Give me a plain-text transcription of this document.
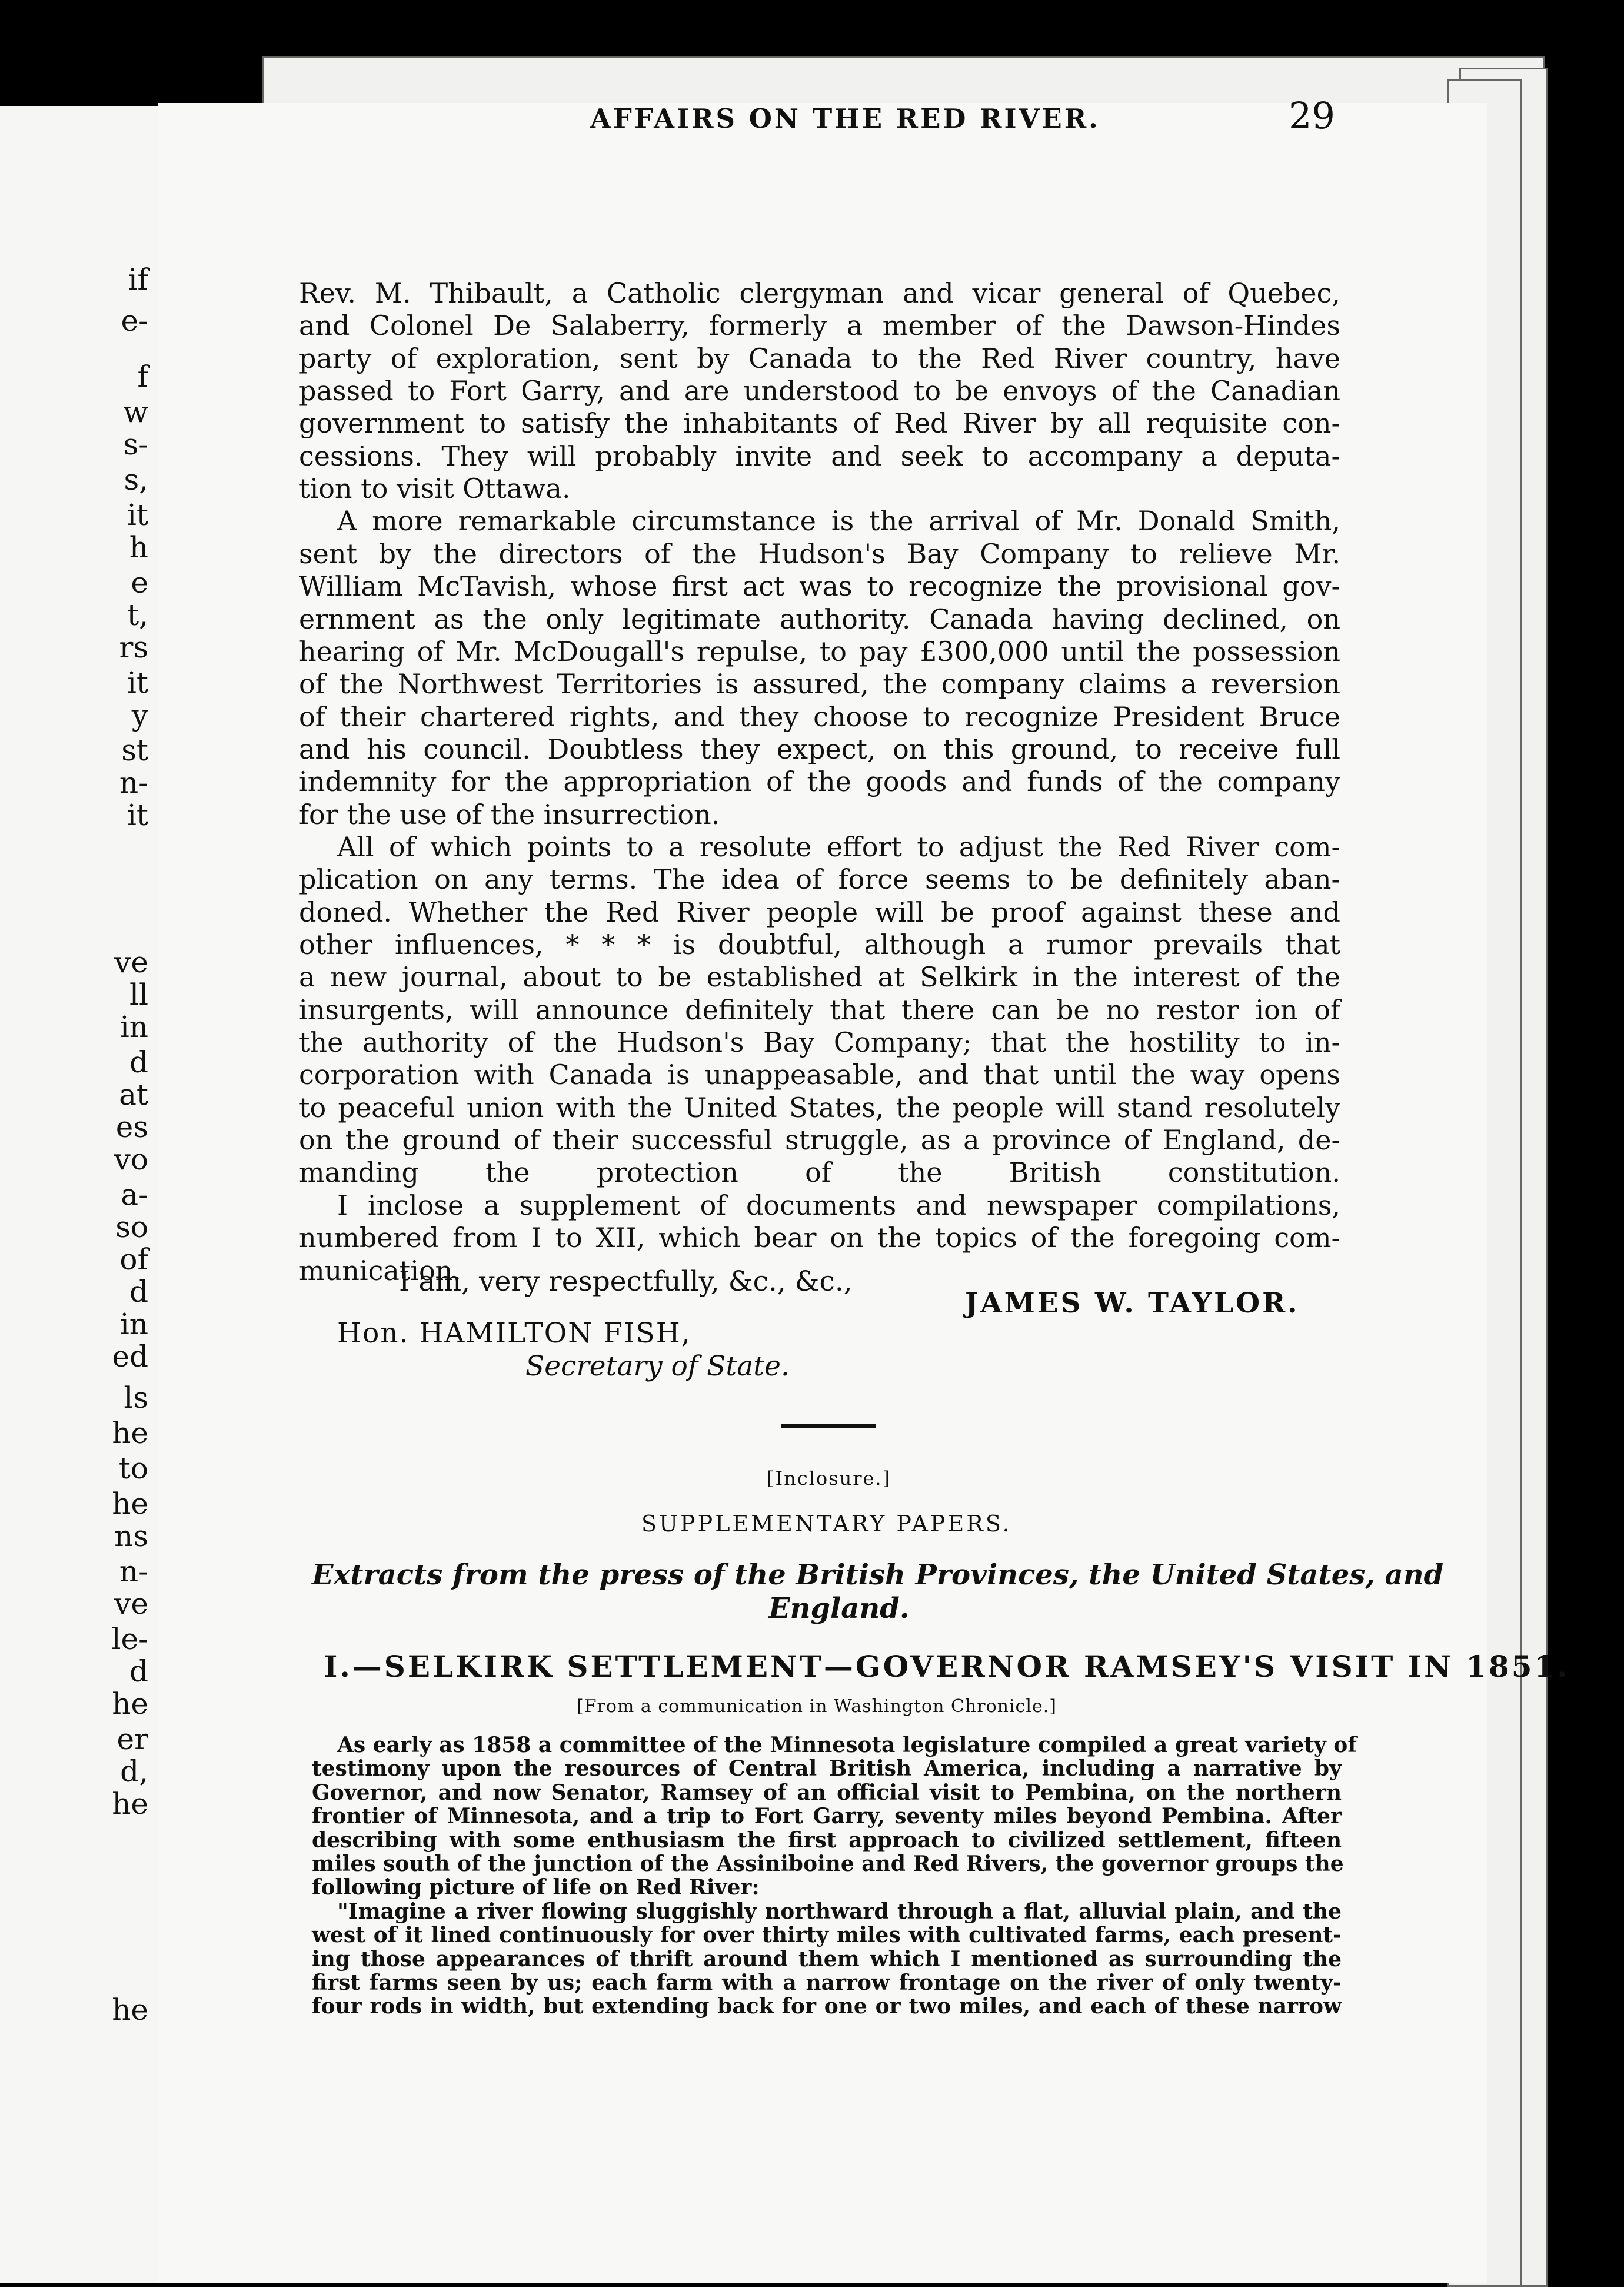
if
e-
f
w
s-
s,
it
h
e
t,
rs
it
y
st
n-
it
ve
ll
in
d
at
es
vo
a-
so
of
d
in
ed
ls
he
to
he
ns
n-
ve
le-
d
he
er
d,
he
he
AFFAIRS ON THE RED RIVER.	29
Rev. M. Thibault, a Catholic clergyman and vicar general of Quebec,
and Colonel De Salaberry, formerly a member of the Dawson-Hindes
party of exploration, sent by Canada to the Red River country, have
passed to Fort Garry, and are understood to be envoys of the Canadian
government to satisfy the inhabitants of Red River by all requisite con-
cessions. They will probably invite and seek to accompany a deputa-
tion to visit Ottawa.
A more remarkable circumstance is the arrival of Mr. Donald Smith,
sent by the directors of the Hudson's Bay Company to relieve Mr.
William McTavish, whose first act was to recognize the provisional gov-
ernment as the only legitimate authority. Canada having declined, on
hearing of Mr. McDougall's repulse, to pay £300,000 until the possession
of the Northwest Territories is assured, the company claims a reversion
of their chartered rights, and they choose to recognize President Bruce
and his council. Doubtless they expect, on this ground, to receive full
indemnity for the appropriation of the goods and funds of the company
for the use of the insurrection.
All of which points to a resolute effort to adjust the Red River com-
plication on any terms. The idea of force seems to be definitely aban-
doned. Whether the Red River people will be proof against these and
other influences, * * * is doubtful, although a rumor prevails that
a new journal, about to be established at Selkirk in the interest of the
insurgents, will announce definitely that there can be no restor ion of
the authority of the Hudson's Bay Company; that the hostility to in-
corporation with Canada is unappeasable, and that until the way opens
to peaceful union with the United States, the people will stand resolutely
on the ground of their successful struggle, as a province of England, de-
manding the protection of the British constitution.
I inclose a supplement of documents and newspaper compilations,
numbered from I to XII, which bear on the topics of the foregoing com-
munication.
I am, very respectfully, &c., &c.,
JAMES W. TAYLOR.
Hon. HAMILTON FISH,
Secretary of State.
[Inclosure.]
SUPPLEMENTARY PAPERS.
Extracts from the press of the British Provinces, the United States, and
England.
I.—SELKIRK SETTLEMENT—GOVERNOR RAMSEY'S VISIT IN 1851.
[From a communication in Washington Chronicle.]
As early as 1858 a committee of the Minnesota legislature compiled a great variety of
testimony upon the resources of Central British America, including a narrative by
Governor, and now Senator, Ramsey of an official visit to Pembina, on the northern
frontier of Minnesota, and a trip to Fort Garry, seventy miles beyond Pembina. After
describing with some enthusiasm the first approach to civilized settlement, fifteen
miles south of the junction of the Assiniboine and Red Rivers, the governor groups the
following picture of life on Red River:
"Imagine a river flowing sluggishly northward through a flat, alluvial plain, and the
west of it lined continuously for over thirty miles with cultivated farms, each present-
ing those appearances of thrift around them which I mentioned as surrounding the
first farms seen by us; each farm with a narrow frontage on the river of only twenty-
four rods in width, but extending back for one or two miles, and each of these narrow
